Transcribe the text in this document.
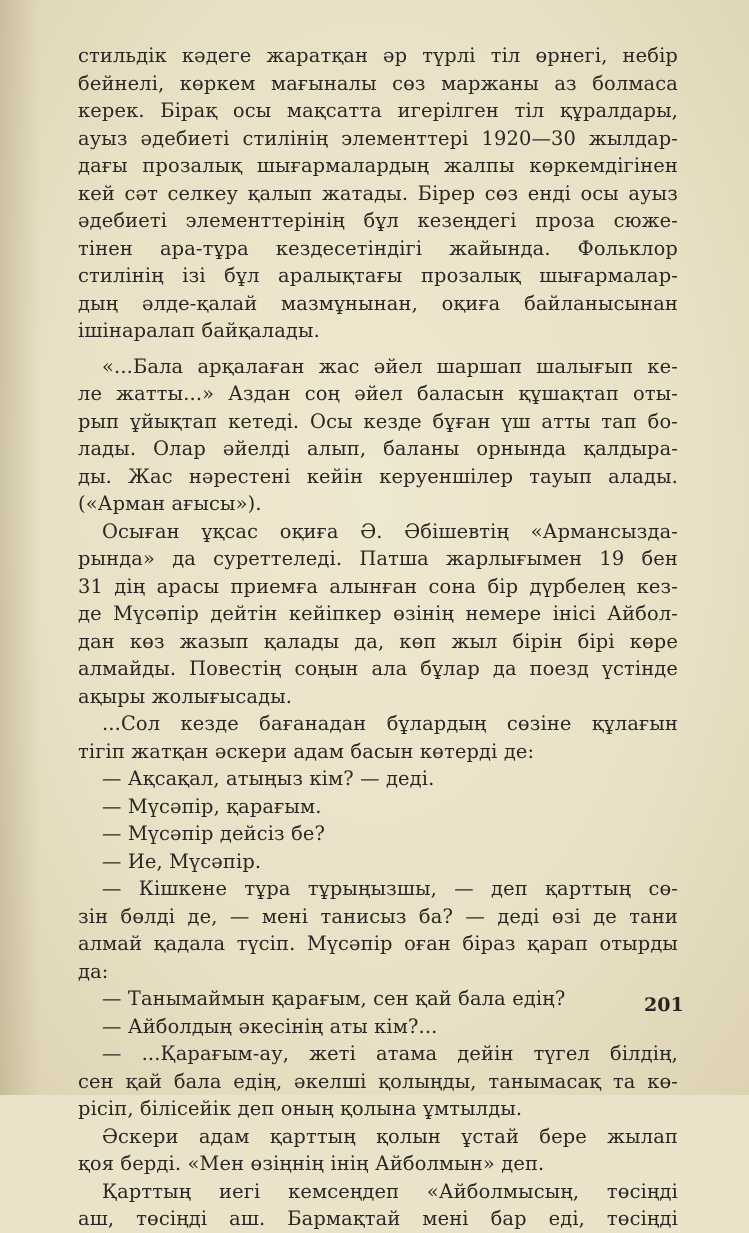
стильдік кәдеге жаратқан әр түрлі тіл өрнегі, небір
бейнелі, көркем мағыналы сөз маржаны аз болмаса
керек. Бірақ осы мақсатта игерілген тіл құралдары,
ауыз әдебиеті стилінің элементтері 1920—30 жылдар-
дағы прозалық шығармалардың жалпы көркемдігінен
кей сәт селкеу қалып жатады. Бірер сөз енді осы ауыз
әдебиеті элементтерінің бұл кезеңдегі проза сюже-
тінен ара-тұра кездесетіндігі жайында. Фольклор
стилінің ізі бұл аралықтағы прозалық шығармалар-
дың әлде-қалай мазмұнынан, оқиға байланысынан
ішінаралап байқалады.
«...Бала арқалаған жас әйел шаршап шалығып ке-
ле жатты...» Аздан соң әйел баласын құшақтап оты-
рып ұйықтап кетеді. Осы кезде бұған үш атты тап бо-
лады. Олар әйелді алып, баланы орнында қалдыра-
ды. Жас нәрестені кейін керуеншілер тауып алады.
(«Арман ағысы»).
Осыған ұқсас оқиға Ә. Әбішевтің «Армансызда-
рында» да суреттеледі. Патша жарлығымен 19 бен
31 дің арасы приемға алынған сона бір дүрбелең кез-
де Мүсәпір дейтін кейіпкер өзінің немере інісі Айбол-
дан көз жазып қалады да, көп жыл бірін бірі көре
алмайды. Повестің соңын ала бұлар да поезд үстінде
ақыры жолығысады.
...Сол кезде бағанадан бұлардың сөзіне құлағын
тігіп жатқан әскери адам басын көтерді де:
— Ақсақал, атыңыз кім? — деді.
— Мүсәпір, қарағым.
— Мүсәпір дейсіз бе?
— Ие, Мүсәпір.
— Кішкене тұра тұрыңызшы, — деп қарттың сө-
зін бөлді де, — мені танисыз ба? — деді өзі де тани
алмай қадала түсіп. Мүсәпір оған біраз қарап отырды
да:
— Танымаймын қарағым, сен қай бала едің?
— Айболдың әкесінің аты кім?...
— ...Қарағым-ау, жеті атама дейін түгел білдің,
сен қай бала едің, әкелші қолыңды, танымасақ та кө-
рісіп, білісейік деп оның қолына ұмтылды.
Әскери адам қарттың қолын ұстай бере жылап
қоя берді. «Мен өзіңнің інің Айболмын» деп.
Қарттың иегі кемсеңдеп «Айболмысың, төсіңді
аш, төсіңді аш. Бармақтай мені бар еді, төсіңді
201
